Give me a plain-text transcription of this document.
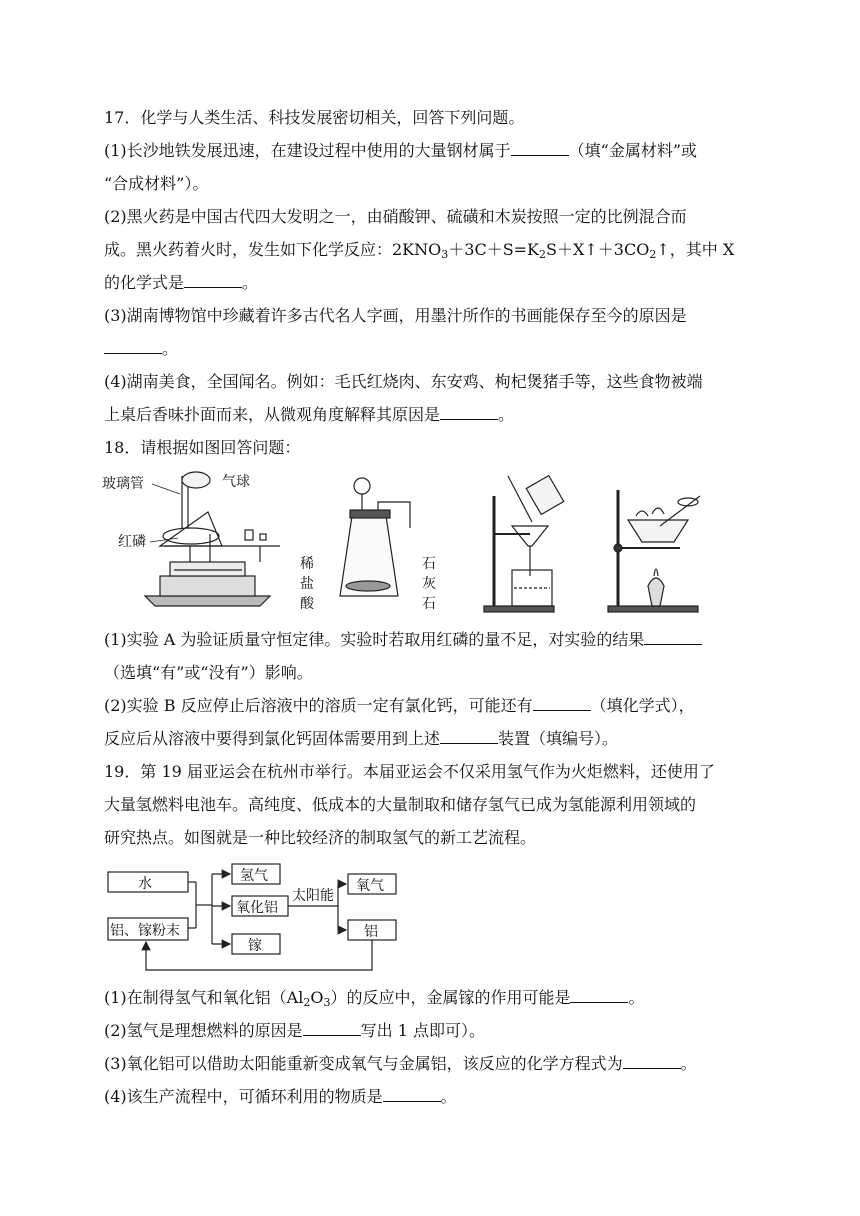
17．化学与人类生活、科技发展密切相关，回答下列问题。
(1)长沙地铁发展迅速，在建设过程中使用的大量钢材属于	（填“金属材料”或
“合成材料”）。
(2)黑火药是中国古代四大发明之一，由硝酸钾、硫磺和木炭按照一定的比例混合而
成。黑火药着火时，发生如下化学反应：$2KNO_3+3C+S=K_2S+X↑+3CO_2↑$，其中 X
的化学式是	。
(3)湖南博物馆中珍藏着许多古代名人字画，用墨汁所作的书画能保存至今的原因是
。
(4)湖南美食，全国闻名。例如：毛氏红烧肉、东安鸡、枸杞煲猪手等，这些食物被端
上桌后香味扑面而来，从微观角度解释其原因是	。
18．请根据如图回答问题：
玻璃管	气球
红磷
稀
盐
酸
石
灰
石
(1)实验 A 为验证质量守恒定律。实验时若取用红磷的量不足，对实验的结果
（选填“有”或“没有”）影响。
(2)实验 B 反应停止后溶液中的溶质一定有氯化钙，可能还有	（填化学式），
反应后从溶液中要得到氯化钙固体需要用到上述	装置（填编号）。
19．第 19 届亚运会在杭州市举行。本届亚运会不仅采用氢气作为火炬燃料，还使用了
大量氢燃料电池车。高纯度、低成本的大量制取和储存氢气已成为氢能源利用领域的
研究热点。如图就是一种比较经济的制取氢气的新工艺流程。
水
铝、镓粉末
氢气
氧化铝
镓
太阳能
氧气
铝
(1)在制得氢气和氧化铝$(Al_2O_3)$的反应中，金属镓的作用可能是	。
(2)氢气是理想燃料的原因是	写出 1 点即可）。
(3)氧化铝可以借助太阳能重新变成氧气与金属铝，该反应的化学方程式为	。
(4)该生产流程中，可循环利用的物质是	。
